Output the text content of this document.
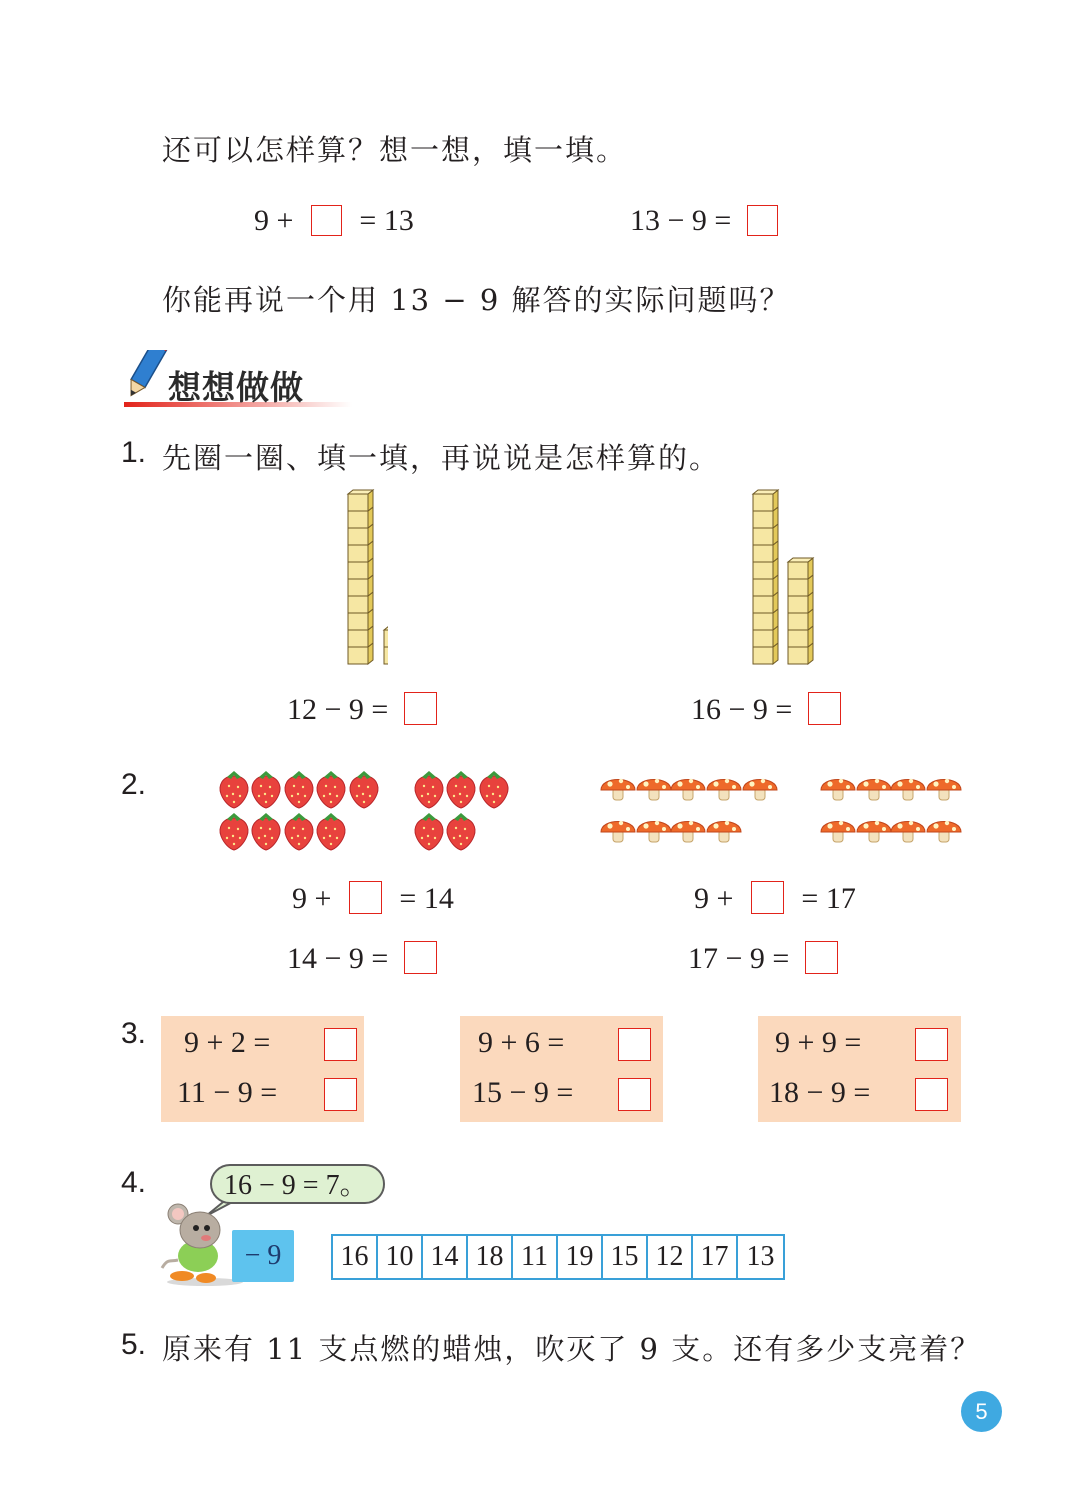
还可以怎样算？想一想，填一填。
9 + = 13	13 − 9 =
你能再说一个用 13 − 9 解答的实际问题吗？
想想做做
1. 先圈一圈、填一填，再说说是怎样算的。
12 − 9 =	16 − 9 =
2.
9 + = 14
14 − 9 =
9 + = 17
17 − 9 =
3.	9 + 2 =
11 − 9 =
9 + 6 =
15 − 9 =
9 + 9 =
18 − 9 =
4.	16 − 9 = 7。
− 9	16 10 14 18 11 19 15 12 17 13
5. 原来有 11 支点燃的蜡烛，吹灭了 9 支。还有多少支亮着？
5
